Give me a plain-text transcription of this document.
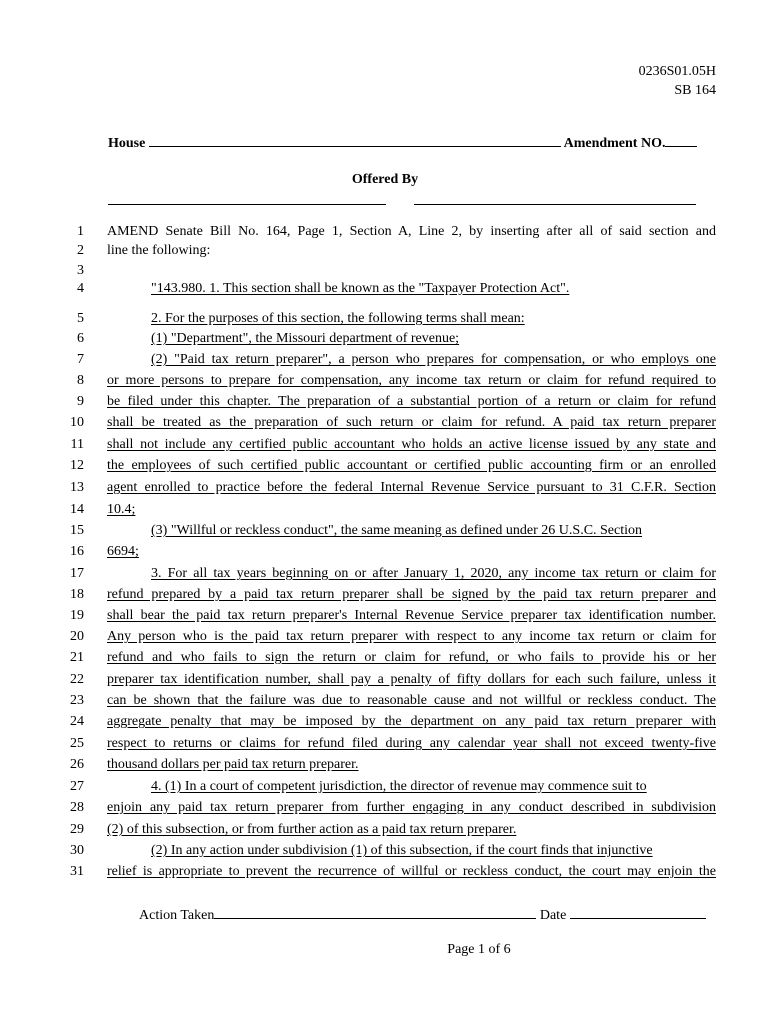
0236S01.05H
SB 164
House	Amendment NO.
Offered By
1 AMEND Senate Bill No. 164, Page 1, Section A, Line 2, by inserting after all of said section and
2 line the following:
3
4	"143.980. 1. This section shall be known as the "Taxpayer Protection Act".
5	2. For the purposes of this section, the following terms shall mean:
6	(1) "Department", the Missouri department of revenue;
7	(2) "Paid tax return preparer", a person who prepares for compensation, or who employs one
8 or more persons to prepare for compensation, any income tax return or claim for refund required to
9 be filed under this chapter. The preparation of a substantial portion of a return or claim for refund
10 shall be treated as the preparation of such return or claim for refund. A paid tax return preparer
11 shall not include any certified public accountant who holds an active license issued by any state and
12 the employees of such certified public accountant or certified public accounting firm or an enrolled
13 agent enrolled to practice before the federal Internal Revenue Service pursuant to 31 C.F.R. Section
14 10.4;
15	(3) "Willful or reckless conduct", the same meaning as defined under 26 U.S.C. Section
16 6694;
17	3. For all tax years beginning on or after January 1, 2020, any income tax return or claim for
18 refund prepared by a paid tax return preparer shall be signed by the paid tax return preparer and
19 shall bear the paid tax return preparer's Internal Revenue Service preparer tax identification number.
20 Any person who is the paid tax return preparer with respect to any income tax return or claim for
21 refund and who fails to sign the return or claim for refund, or who fails to provide his or her
22 preparer tax identification number, shall pay a penalty of fifty dollars for each such failure, unless it
23 can be shown that the failure was due to reasonable cause and not willful or reckless conduct. The
24 aggregate penalty that may be imposed by the department on any paid tax return preparer with
25 respect to returns or claims for refund filed during any calendar year shall not exceed twenty-five
26 thousand dollars per paid tax return preparer.
27	4. (1) In a court of competent jurisdiction, the director of revenue may commence suit to
28 enjoin any paid tax return preparer from further engaging in any conduct described in subdivision
29 (2) of this subsection, or from further action as a paid tax return preparer.
30	(2) In any action under subdivision (1) of this subsection, if the court finds that injunctive
31 relief is appropriate to prevent the recurrence of willful or reckless conduct, the court may enjoin the
Action Taken	Date
Page 1 of 6
